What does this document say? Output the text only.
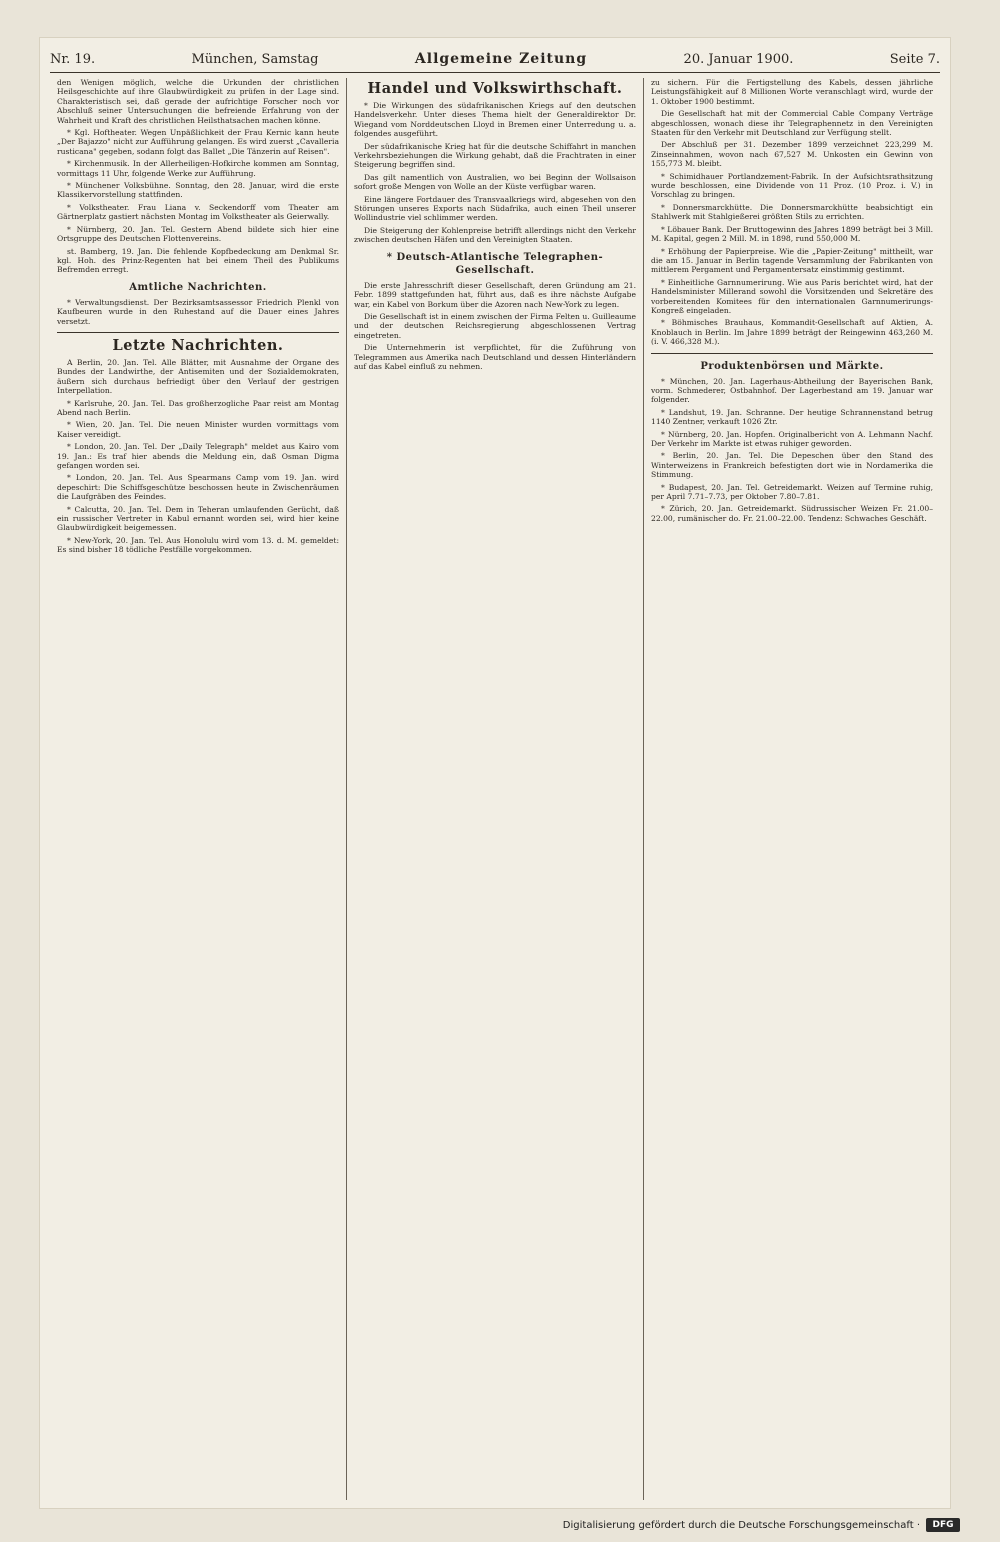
Nr. 19.	München, Samstag	Allgemeine Zeitung	20. Januar 1900.	Seite 7.

den Wenigen möglich, welche die Urkunden der christlichen Heilsgeschichte auf ihre Glaubwürdigkeit zu prüfen in der Lage sind. Charakteristisch sei, daß gerade der aufrichtige Forscher noch vor Abschluß seiner Untersuchungen die befreiende Erfahrung von der Wahrheit und Kraft des christlichen Heilsthatsachen machen könne.

* Kgl. Hoftheater. Wegen Unpäßlichkeit der Frau Kernic kann heute „Der Bajazzo" nicht zur Aufführung gelangen. Es wird zuerst „Cavalleria rusticana" gegeben, sodann folgt das Ballet „Die Tänzerin auf Reisen".

* Kirchenmusik. In der Allerheiligen-Hofkirche kommen am Sonntag, vormittags 11 Uhr, folgende Werke zur Aufführung.

* Münchener Volksbühne. Sonntag, den 28. Januar, wird die erste Klassikervorstellung stattfinden.

* Volkstheater. Frau Liana v. Seckendorff vom Theater am Gärtnerplatz gastiert nächsten Montag im Volkstheater als Geierwally.

* Nürnberg, 20. Jan. Tel. Gestern Abend bildete sich hier eine Ortsgruppe des Deutschen Flottenvereins.

st. Bamberg, 19. Jan. Die fehlende Kopfbedeckung am Denkmal Sr. kgl. Hoh. des Prinz-Regenten hat bei einem Theil des Publikums Befremden erregt.

Amtliche Nachrichten.

* Verwaltungsdienst. Der Bezirksamtsassessor Friedrich Plenkl von Kaufbeuren wurde in den Ruhestand auf die Dauer eines Jahres versetzt.

Letzte Nachrichten.

A Berlin, 20. Jan. Tel. Alle Blätter, mit Ausnahme der Organe des Bundes der Landwirthe, der Antisemiten und der Sozialdemokraten, äußern sich durchaus befriedigt über den Verlauf der gestrigen Interpellation.

* Karlsruhe, 20. Jan. Tel. Das großherzogliche Paar reist am Montag Abend nach Berlin.

* Wien, 20. Jan. Tel. Die neuen Minister wurden vormittags vom Kaiser vereidigt.

* London, 20. Jan. Tel. Der „Daily Telegraph" meldet aus Kairo vom 19. Jan.: Es traf hier abends die Meldung ein, daß Osman Digma gefangen worden sei.

* London, 20. Jan. Tel. Aus Spearmans Camp vom 19. Jan. wird depeschirt: Die Schiffsgeschütze beschossen heute in Zwischenräumen die Laufgräben des Feindes.

* Calcutta, 20. Jan. Tel. Dem in Teheran umlaufenden Gerücht, daß ein russischer Vertreter in Kabul ernannt worden sei, wird hier keine Glaubwürdigkeit beigemessen.

* New-York, 20. Jan. Tel. Aus Honolulu wird vom 13. d. M. gemeldet: Es sind bisher 18 tödliche Pestfälle vorgekommen.

Handel und Volkswirthschaft.

* Die Wirkungen des südafrikanischen Kriegs auf den deutschen Handelsverkehr. Unter dieses Thema hielt der Generaldirektor Dr. Wiegand vom Norddeutschen Lloyd in Bremen einer Unterredung u. a. folgendes ausgeführt.

Der südafrikanische Krieg hat für die deutsche Schiffahrt in manchen Verkehrsbeziehungen die Wirkung gehabt, daß die Frachtraten in einer Steigerung begriffen sind.

Das gilt namentlich von Australien, wo bei Beginn der Wollsaison sofort große Mengen von Wolle an der Küste verfügbar waren.

Eine längere Fortdauer des Transvaalkriegs wird, abgesehen von den Störungen unseres Exports nach Südafrika, auch einen Theil unserer Wollindustrie viel schlimmer werden.

Die Steigerung der Kohlenpreise betrifft allerdings nicht den Verkehr zwischen deutschen Häfen und den Vereinigten Staaten.

* Deutsch-Atlantische Telegraphen-Gesellschaft.

Die erste Jahresschrift dieser Gesellschaft, deren Gründung am 21. Febr. 1899 stattgefunden hat, führt aus, daß es ihre nächste Aufgabe war, ein Kabel von Borkum über die Azoren nach New-York zu legen.

Die Gesellschaft ist in einem zwischen der Firma Felten u. Guilleaume und der deutschen Reichsregierung abgeschlossenen Vertrag eingetreten.

Die Unternehmerin ist verpflichtet, für die Zuführung von Telegrammen aus Amerika nach Deutschland und dessen Hinterländern auf das Kabel einfluß zu nehmen.

zu sichern. Für die Fertigstellung des Kabels, dessen jährliche Leistungsfähigkeit auf 8 Millionen Worte veranschlagt wird, wurde der 1. Oktober 1900 bestimmt.

Die Gesellschaft hat mit der Commercial Cable Company Verträge abgeschlossen, wonach diese ihr Telegraphennetz in den Vereinigten Staaten für den Verkehr mit Deutschland zur Verfügung stellt.

Der Abschluß per 31. Dezember 1899 verzeichnet 223,299 M. Zinseinnahmen, wovon nach 67,527 M. Unkosten ein Gewinn von 155,773 M. bleibt.

* Schimidhauer Portlandzement-Fabrik. In der Aufsichtsrathsitzung wurde beschlossen, eine Dividende von 11 Proz. (10 Proz. i. V.) in Vorschlag zu bringen.

* Donnersmarckhütte. Die Donnersmarckhütte beabsichtigt ein Stahlwerk mit Stahlgießerei größten Stils zu errichten.

* Löbauer Bank. Der Bruttogewinn des Jahres 1899 beträgt bei 3 Mill. M. Kapital, gegen 2 Mill. M. in 1898, rund 550,000 M.

* Erhöhung der Papierpreise. Wie die „Papier-Zeitung" mittheilt, war die am 15. Januar in Berlin tagende Versammlung der Fabrikanten von mittlerem Pergament und Pergamentersatz einstimmig gestimmt.

* Einheitliche Garnnumerirung. Wie aus Paris berichtet wird, hat der Handelsminister Millerand sowohl die Vorsitzenden und Sekretäre des vorbereitenden Komitees für den internationalen Garnnumerirungs-Kongreß eingeladen.

* Böhmisches Brauhaus, Kommandit-Gesellschaft auf Aktien, A. Knoblauch in Berlin. Im Jahre 1899 beträgt der Reingewinn 463,260 M. (i. V. 466,328 M.).

Produktenbörsen und Märkte.

* München, 20. Jan. Lagerhaus-Abtheilung der Bayerischen Bank, vorm. Schmederer, Ostbahnhof. Der Lagerbestand am 19. Januar war folgender.

* Landshut, 19. Jan. Schranne. Der heutige Schrannenstand betrug 1140 Zentner, verkauft 1026 Ztr.

* Nürnberg, 20. Jan. Hopfen. Originalbericht von A. Lehmann Nachf. Der Verkehr im Markte ist etwas ruhiger geworden.

* Berlin, 20. Jan. Tel. Die Depeschen über den Stand des Winterweizens in Frankreich befestigten dort wie in Nordamerika die Stimmung.

* Budapest, 20. Jan. Tel. Getreidemarkt. Weizen auf Termine ruhig, per April 7.71–7.73, per Oktober 7.80–7.81.

* Zürich, 20. Jan. Getreidemarkt. Südrussischer Weizen Fr. 21.00–22.00, rumänischer do. Fr. 21.00–22.00. Tendenz: Schwaches Geschäft.

Digitalisierung gefördert durch die Deutsche Forschungsgemeinschaft ·	DFG
